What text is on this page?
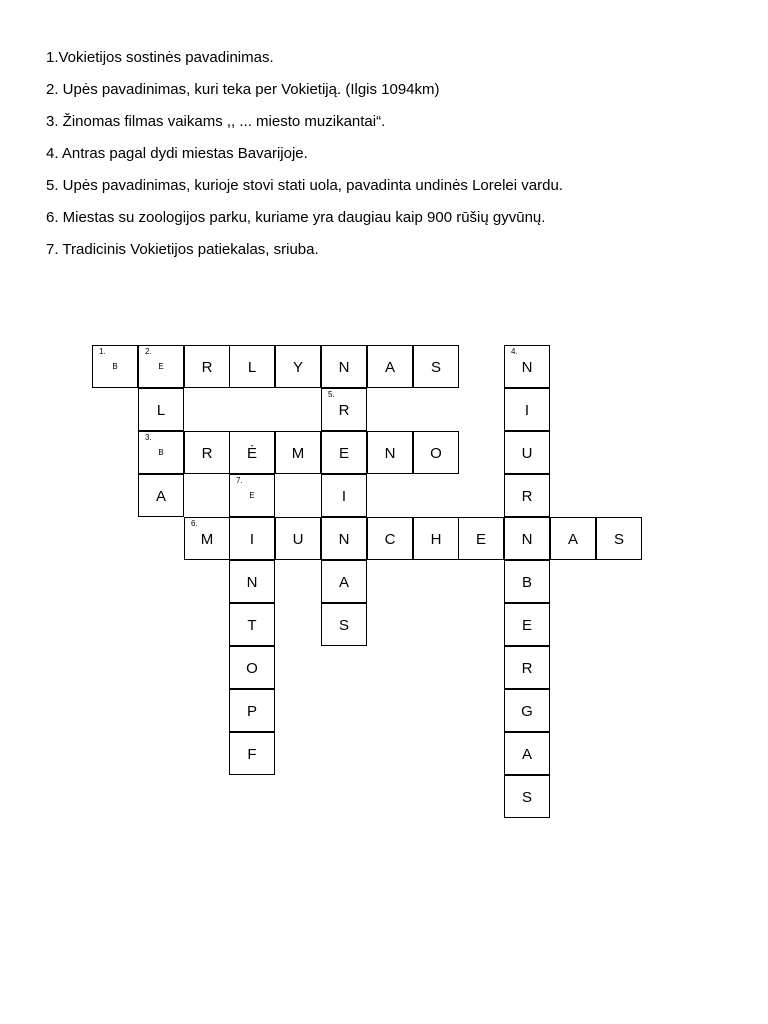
1.Vokietijos sostinės pavadinimas.
2. Upės pavadinimas, kuri teka per Vokietiją. (Ilgis 1094km)
3. Žinomas filmas vaikams ,, ... miesto muzikantai“.
4. Antras pagal dydi miestas Bavarijoje.
5. Upės pavadinimas, kurioje stovi stati uola, pavadinta undinės Lorelei vardu.
6. Miestas su zoologijos parku, kuriame yra daugiau kaip 900 rūšių gyvūnų.
7. Tradicinis Vokietijos patiekalas, sriuba.
1.
B
2.
E	R	L	Y	N	A	S
4.
N
L
5.
R	I
3.
B	R	Ė	M	E	N	O	U
A
7.
E	I	R
6.
M	I	U	N	C	H	E	N	A	S
N	A	B
T	S	E
O	R
P	G
F	A
S
